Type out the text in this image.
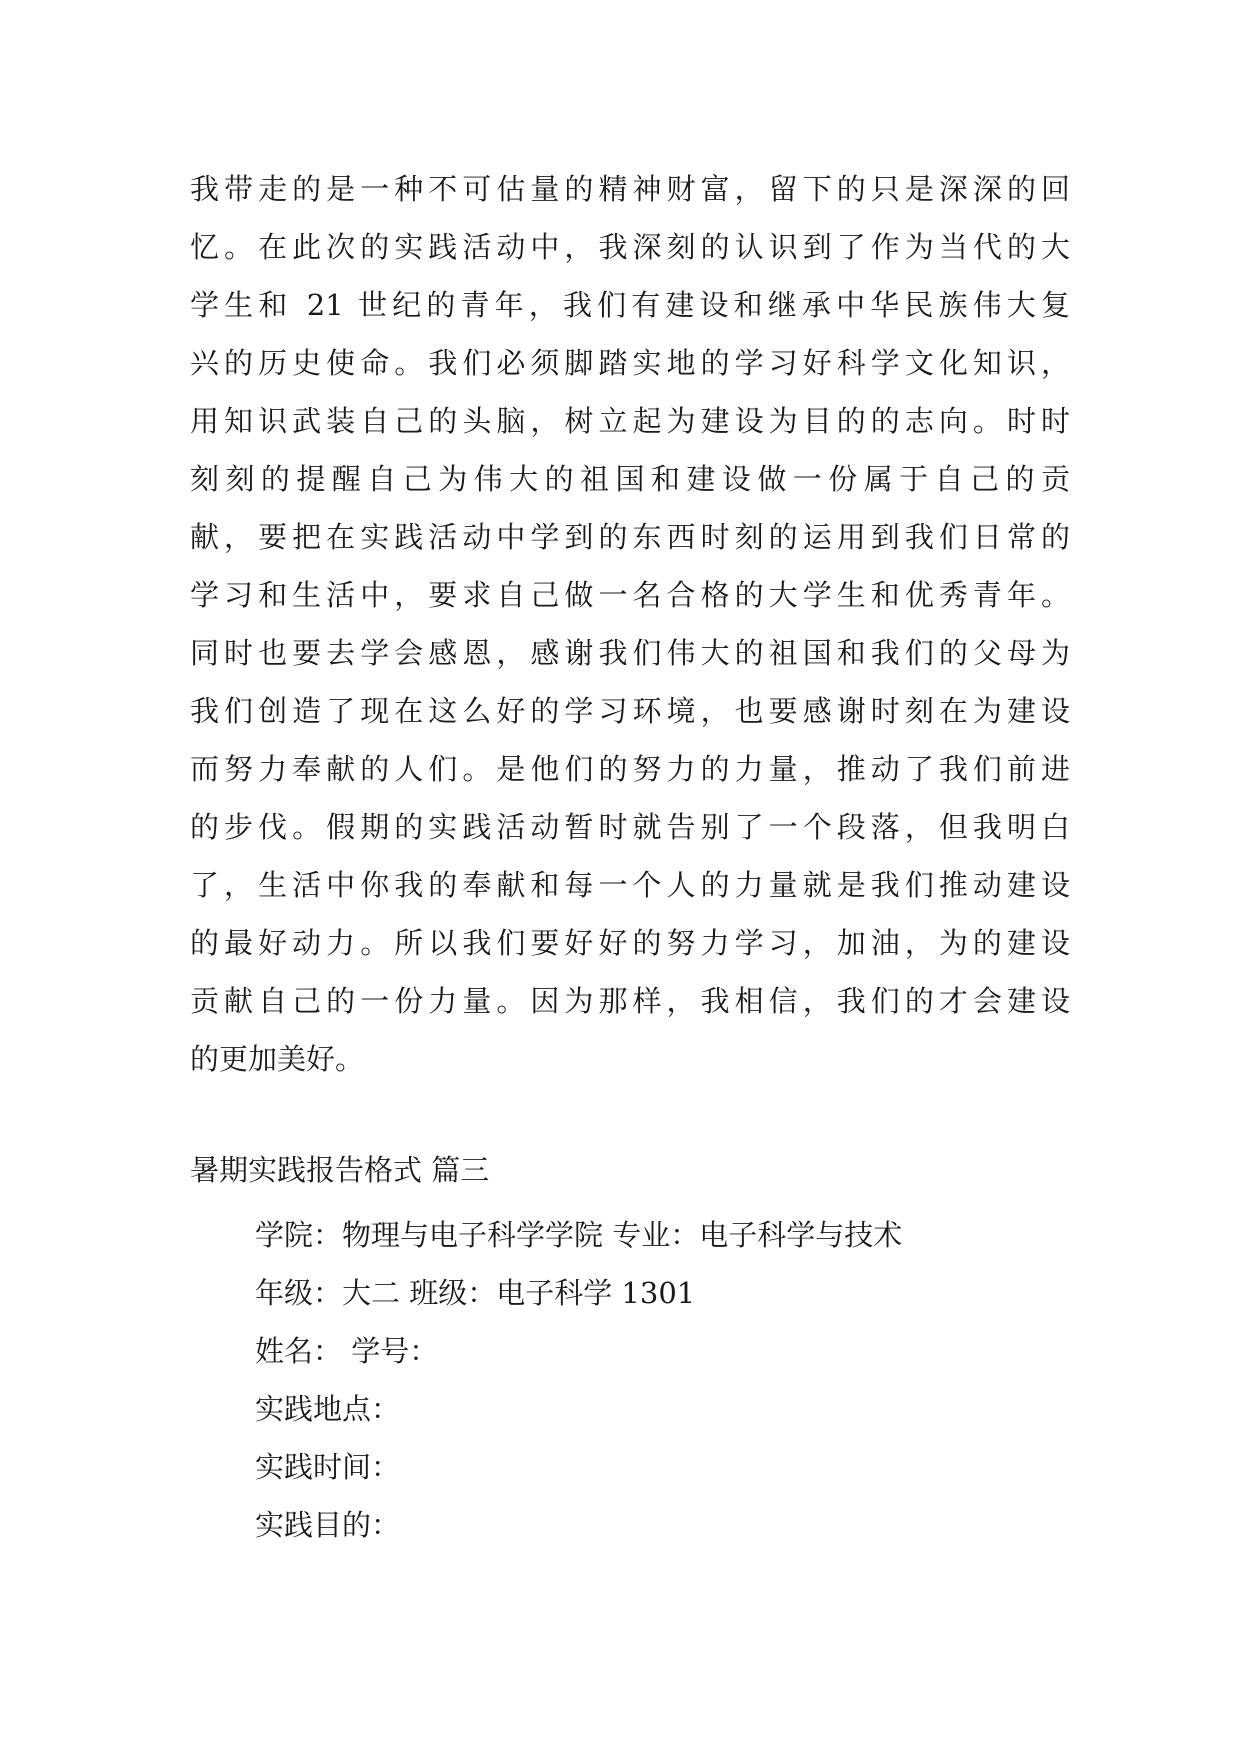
我带走的是一种不可估量的精神财富，留下的只是深深的回
忆。在此次的实践活动中，我深刻的认识到了作为当代的大
学生和 21 世纪的青年，我们有建设和继承中华民族伟大复
兴的历史使命。我们必须脚踏实地的学习好科学文化知识，
用知识武装自己的头脑，树立起为建设为目的的志向。时时
刻刻的提醒自己为伟大的祖国和建设做一份属于自己的贡
献，要把在实践活动中学到的东西时刻的运用到我们日常的
学习和生活中，要求自己做一名合格的大学生和优秀青年。
同时也要去学会感恩，感谢我们伟大的祖国和我们的父母为
我们创造了现在这么好的学习环境，也要感谢时刻在为建设
而努力奉献的人们。是他们的努力的力量，推动了我们前进
的步伐。假期的实践活动暂时就告别了一个段落，但我明白
了，生活中你我的奉献和每一个人的力量就是我们推动建设
的最好动力。所以我们要好好的努力学习，加油，为的建设
贡献自己的一份力量。因为那样，我相信，我们的才会建设
的更加美好。
暑期实践报告格式 篇三
学院：物理与电子科学学院 专业：电子科学与技术
年级：大二 班级：电子科学 1301
姓名： 学号：
实践地点：
实践时间：
实践目的：
